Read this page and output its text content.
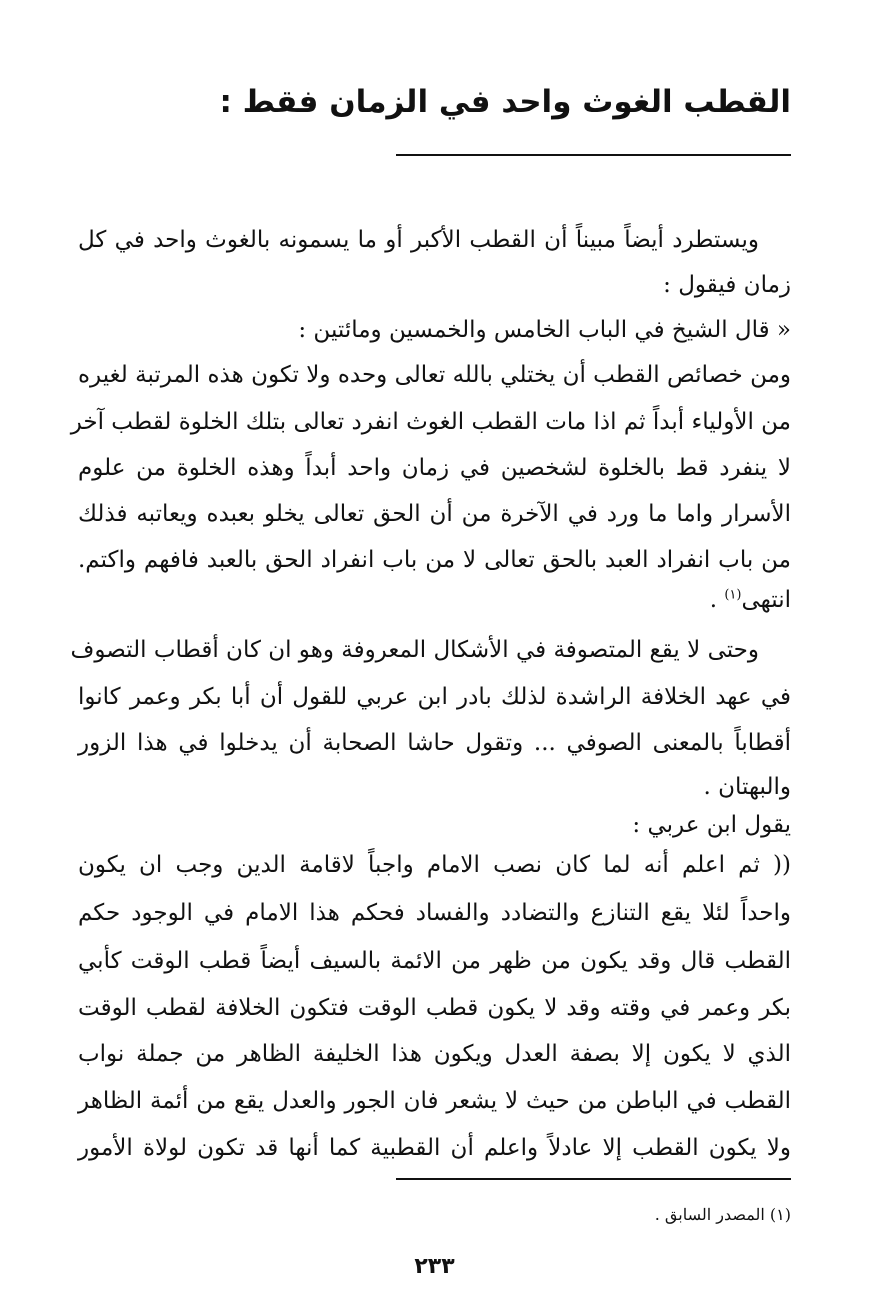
القطب الغوث واحد في الزمان فقط :
ويستطرد أيضاً مبيناً أن القطب الأكبر أو ما يسمونه بالغوث واحد في كل
زمان فيقول :
« قال الشيخ في الباب الخامس والخمسين ومائتين :
ومن خصائص القطب أن يختلي بالله تعالى وحده ولا تكون هذه المرتبة لغيره
من الأولياء أبداً ثم اذا مات القطب الغوث انفرد تعالى بتلك الخلوة لقطب آخر
لا ينفرد قط بالخلوة لشخصين في زمان واحد أبداً وهذه الخلوة من علوم
الأسرار واما ما ورد في الآخرة من أن الحق تعالى يخلو بعبده ويعاتبه فذلك
من باب انفراد العبد بالحق تعالى لا من باب انفراد الحق بالعبد فافهم واكتم.
انتهى$^{(١)}$ .
وحتى لا يقع المتصوفة في الأشكال المعروفة وهو ان كان أقطاب التصوف
في عهد الخلافة الراشدة لذلك بادر ابن عربي للقول أن أبا بكر وعمر كانوا
أقطاباً بالمعنى الصوفي ... وتقول حاشا الصحابة أن يدخلوا في هذا الزور
والبهتان .
يقول ابن عربي :
(( ثم اعلم أنه لما كان نصب الامام واجباً لاقامة الدين وجب ان يكون
واحداً لئلا يقع التنازع والتضادد والفساد فحكم هذا الامام في الوجود حكم
القطب قال وقد يكون من ظهر من الائمة بالسيف أيضاً قطب الوقت كأبي
بكر وعمر في وقته وقد لا يكون قطب الوقت فتكون الخلافة لقطب الوقت
الذي لا يكون إلا بصفة العدل ويكون هذا الخليفة الظاهر من جملة نواب
القطب في الباطن من حيث لا يشعر فان الجور والعدل يقع من أئمة الظاهر
ولا يكون القطب إلا عادلاً واعلم أن القطبية كما أنها قد تكون لولاة الأمور
(١) المصدر السابق .
٢٣٣
